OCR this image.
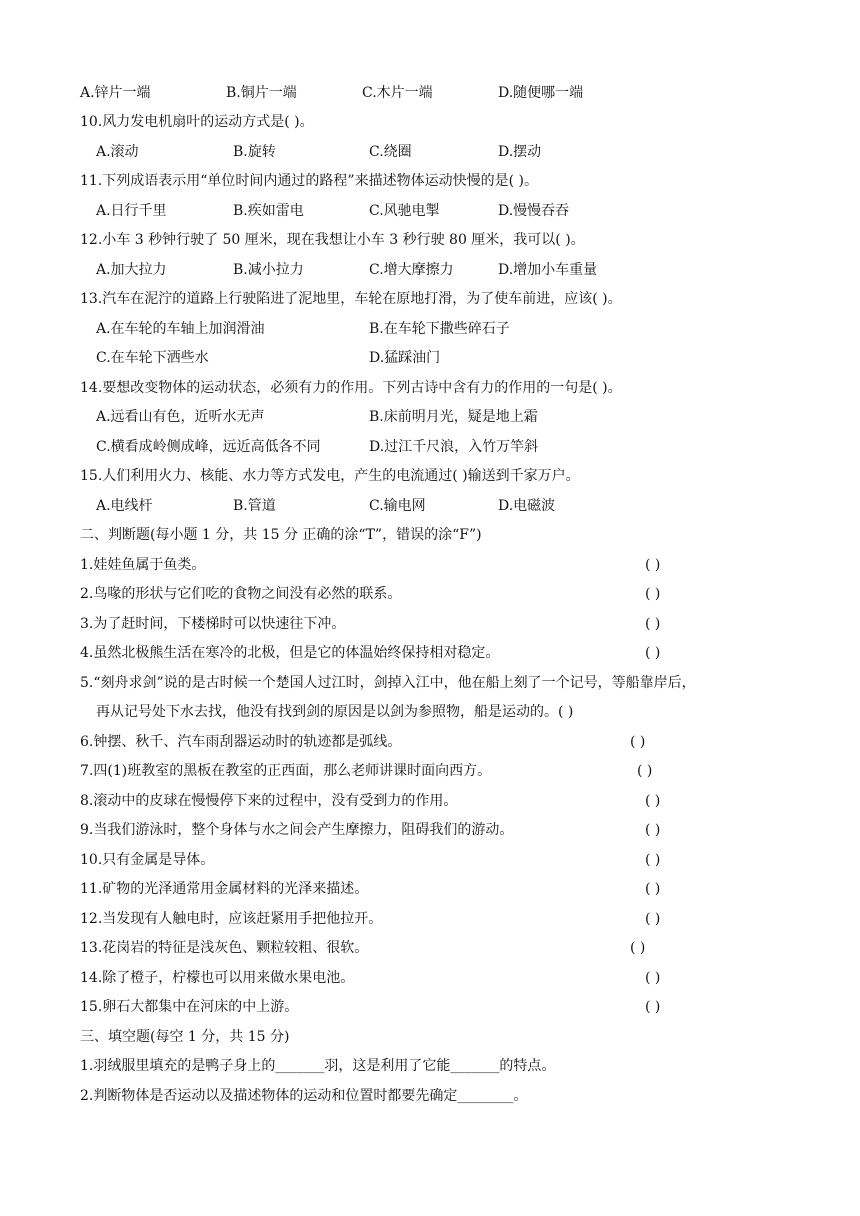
A.锌片一端	B.铜片一端	C.木片一端	D.随便哪一端
10.风力发电机扇叶的运动方式是( )。
A.滚动	B.旋转	C.绕圈	D.摆动
11.下列成语表示用“单位时间内通过的路程”来描述物体运动快慢的是( )。
A.日行千里	B.疾如雷电	C.风驰电掣	D.慢慢吞吞
12.小车 3 秒钟行驶了 50 厘米，现在我想让小车 3 秒行驶 80 厘米，我可以( )。
A.加大拉力	B.减小拉力	C.增大摩擦力	D.增加小车重量
13.汽车在泥泞的道路上行驶陷进了泥地里，车轮在原地打滑，为了使车前进，应该( )。
A.在车轮的车轴上加润滑油	B.在车轮下撒些碎石子
C.在车轮下洒些水	D.猛踩油门
14.要想改变物体的运动状态，必须有力的作用。下列古诗中含有力的作用的一句是( )。
A.远看山有色，近听水无声	B.床前明月光，疑是地上霜
C.横看成岭侧成峰，远近高低各不同	D.过江千尺浪，入竹万竿斜
15.人们利用火力、核能、水力等方式发电，产生的电流通过( )输送到千家万户。
A.电线杆	B.管道	C.输电网	D.电磁波
二、判断题(每小题 1 分，共 15 分 正确的涂“T”，错误的涂“F”)
1.娃娃鱼属于鱼类。	( )
2.鸟喙的形状与它们吃的食物之间没有必然的联系。	( )
3.为了赶时间，下楼梯时可以快速往下冲。	( )
4.虽然北极熊生活在寒冷的北极，但是它的体温始终保持相对稳定。	( )
5.“刻舟求剑”说的是古时候一个楚国人过江时，剑掉入江中，他在船上刻了一个记号，等船靠岸后，
再从记号处下水去找，他没有找到剑的原因是以剑为参照物，船是运动的。( )
6.钟摆、秋千、汽车雨刮器运动时的轨迹都是弧线。	( )
7.四(1)班教室的黑板在教室的正西面，那么老师讲课时面向西方。	( )
8.滚动中的皮球在慢慢停下来的过程中，没有受到力的作用。	( )
9.当我们游泳时，整个身体与水之间会产生摩擦力，阻碍我们的游动。	( )
10.只有金属是导体。	( )
11.矿物的光泽通常用金属材料的光泽来描述。	( )
12.当发现有人触电时，应该赶紧用手把他拉开。	( )
13.花岗岩的特征是浅灰色、颗粒较粗、很软。	( )
14.除了橙子，柠檬也可以用来做水果电池。	( )
15.卵石大都集中在河床的中上游。	( )
三、填空题(每空 1 分，共 15 分)
1.羽绒服里填充的是鸭子身上的_______羽，这是利用了它能_______的特点。
2.判断物体是否运动以及描述物体的运动和位置时都要先确定________。
